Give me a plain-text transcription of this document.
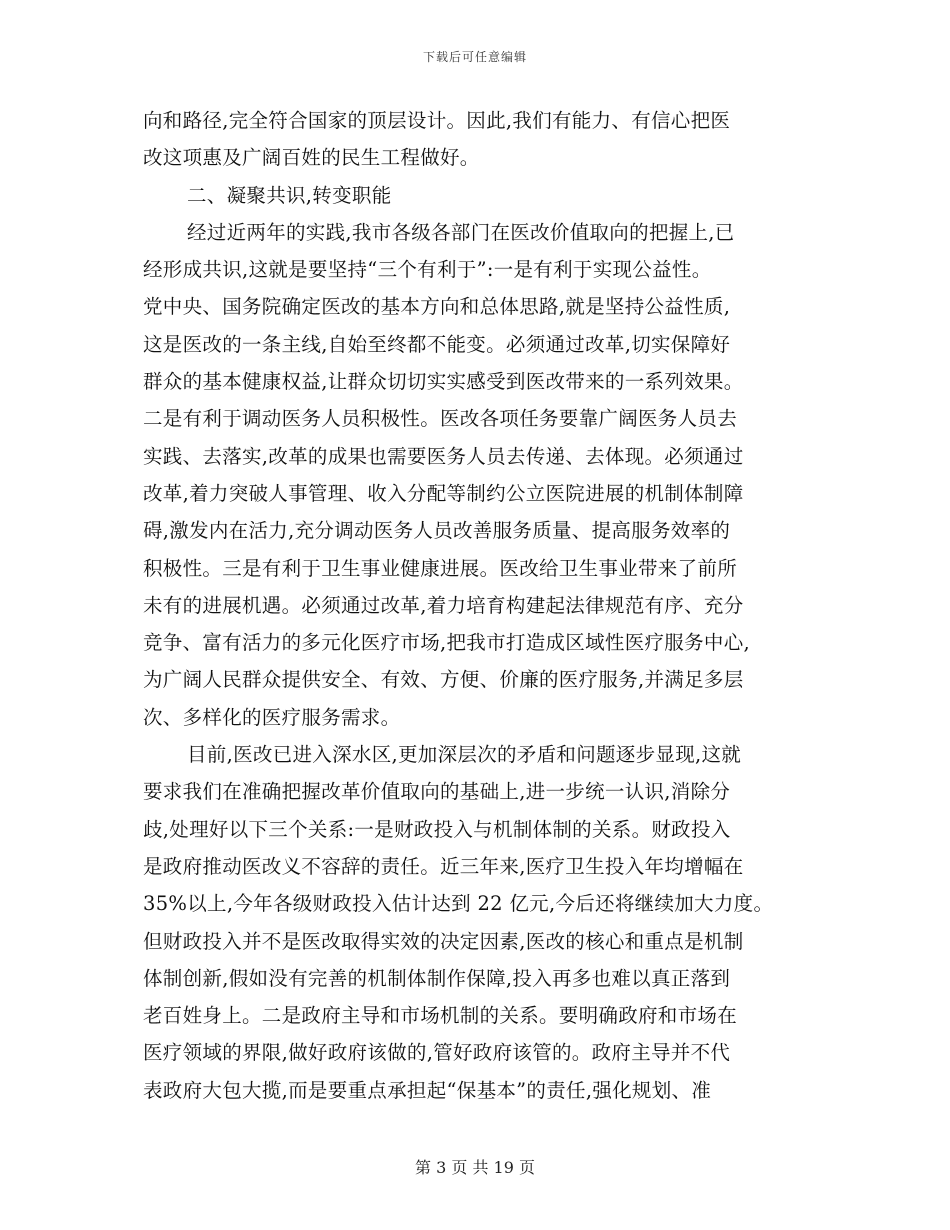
下载后可任意编辑
向和路径,完全符合国家的顶层设计。因此,我们有能力、有信心把医
改这项惠及广阔百姓的民生工程做好。
二、凝聚共识,转变职能
经过近两年的实践,我市各级各部门在医改价值取向的把握上,已
经形成共识,这就是要坚持“三个有利于”:一是有利于实现公益性。
党中央、国务院确定医改的基本方向和总体思路,就是坚持公益性质,
这是医改的一条主线,自始至终都不能变。必须通过改革,切实保障好
群众的基本健康权益,让群众切切实实感受到医改带来的一系列效果。
二是有利于调动医务人员积极性。医改各项任务要靠广阔医务人员去
实践、去落实,改革的成果也需要医务人员去传递、去体现。必须通过
改革,着力突破人事管理、收入分配等制约公立医院进展的机制体制障
碍,激发内在活力,充分调动医务人员改善服务质量、提高服务效率的
积极性。三是有利于卫生事业健康进展。医改给卫生事业带来了前所
未有的进展机遇。必须通过改革,着力培育构建起法律规范有序、充分
竞争、富有活力的多元化医疗市场,把我市打造成区域性医疗服务中心,
为广阔人民群众提供安全、有效、方便、价廉的医疗服务,并满足多层
次、多样化的医疗服务需求。
目前,医改已进入深水区,更加深层次的矛盾和问题逐步显现,这就
要求我们在准确把握改革价值取向的基础上,进一步统一认识,消除分
歧,处理好以下三个关系:一是财政投入与机制体制的关系。财政投入
是政府推动医改义不容辞的责任。近三年来,医疗卫生投入年均增幅在
35%以上,今年各级财政投入估计达到 22 亿元,今后还将继续加大力度。
但财政投入并不是医改取得实效的决定因素,医改的核心和重点是机制
体制创新,假如没有完善的机制体制作保障,投入再多也难以真正落到
老百姓身上。二是政府主导和市场机制的关系。要明确政府和市场在
医疗领域的界限,做好政府该做的,管好政府该管的。政府主导并不代
表政府大包大揽,而是要重点承担起“保基本”的责任,强化规划、准
第 3 页 共 19 页
